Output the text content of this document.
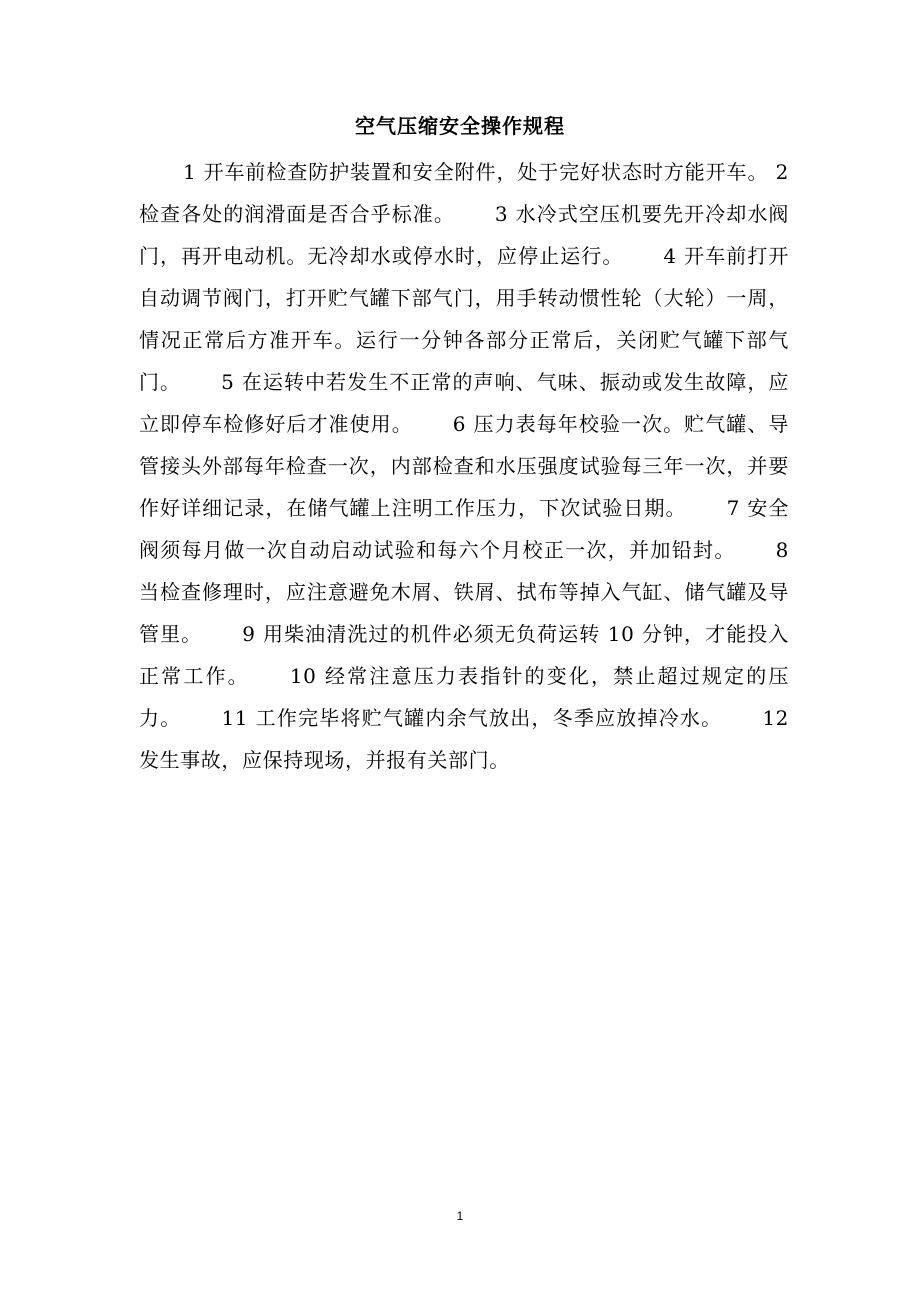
空气压缩安全操作规程
1 开车前检查防护装置和安全附件，处于完好状态时方能开车。 2 检查各处的润滑面是否合乎标准。 3 水冷式空压机要先开冷却水阀门，再开电动机。无冷却水或停水时，应停止运行。 4 开车前打开自动调节阀门，打开贮气罐下部气门，用手转动惯性轮（大轮）一周，情况正常后方准开车。运行一分钟各部分正常后，关闭贮气罐下部气门。 5 在运转中若发生不正常的声响、气味、振动或发生故障，应立即停车检修好后才准使用。 6 压力表每年校验一次。贮气罐、导管接头外部每年检查一次，内部检查和水压强度试验每三年一次，并要作好详细记录，在储气罐上注明工作压力，下次试验日期。 7 安全阀须每月做一次自动启动试验和每六个月校正一次，并加铅封。 8 当检查修理时，应注意避免木屑、铁屑、拭布等掉入气缸、储气罐及导管里。 9 用柴油清洗过的机件必须无负荷运转 10 分钟，才能投入正常工作。 10 经常注意压力表指针的变化，禁止超过规定的压力。 11 工作完毕将贮气罐内余气放出，冬季应放掉冷水。 12 发生事故，应保持现场，并报有关部门。
1
